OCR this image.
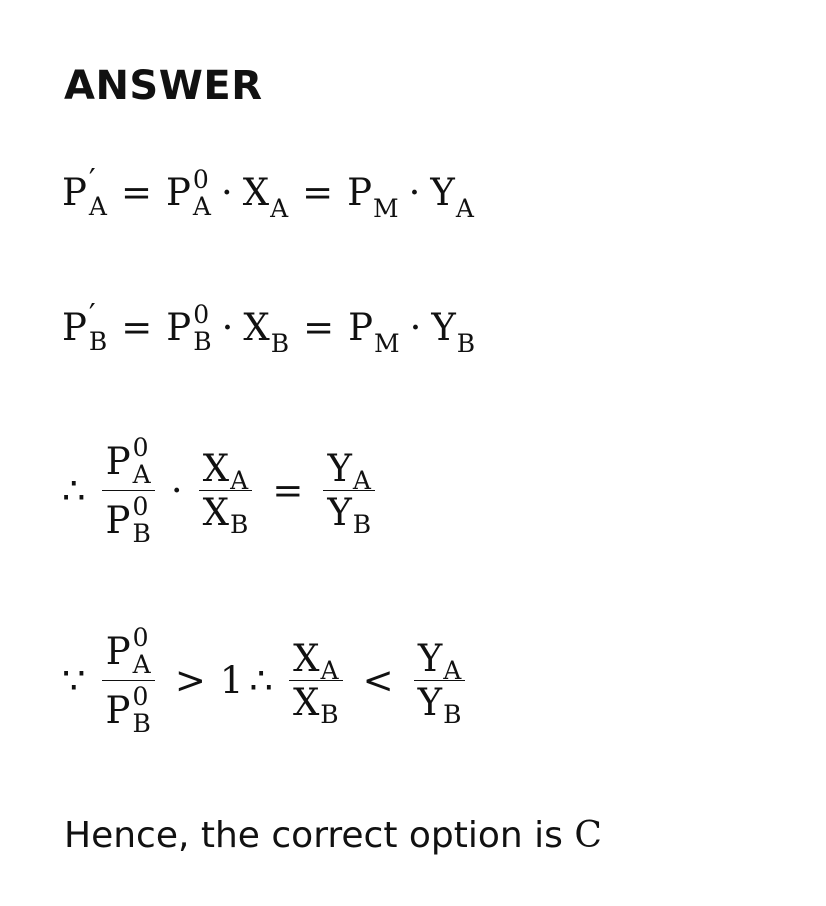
ANSWER
P ′
A = P 0
$A \cdot X_A = P_M \cdot Y_A$
P ′
B = P 0
$B \cdot X_B = P_M \cdot Y_B$
∴ P 0
A
P 0
$B \cdot \frac{\text{X A}}{\text{X B}} = \frac{\text{Y A}}{\text{Y B}}$
∵ P 0
A
P 0
B > 1 ∴ $\frac{\text{X A}}{\text{X B}} < \frac{\text{Y A}}{\text{Y B}}$
Hence, the correct option is C
